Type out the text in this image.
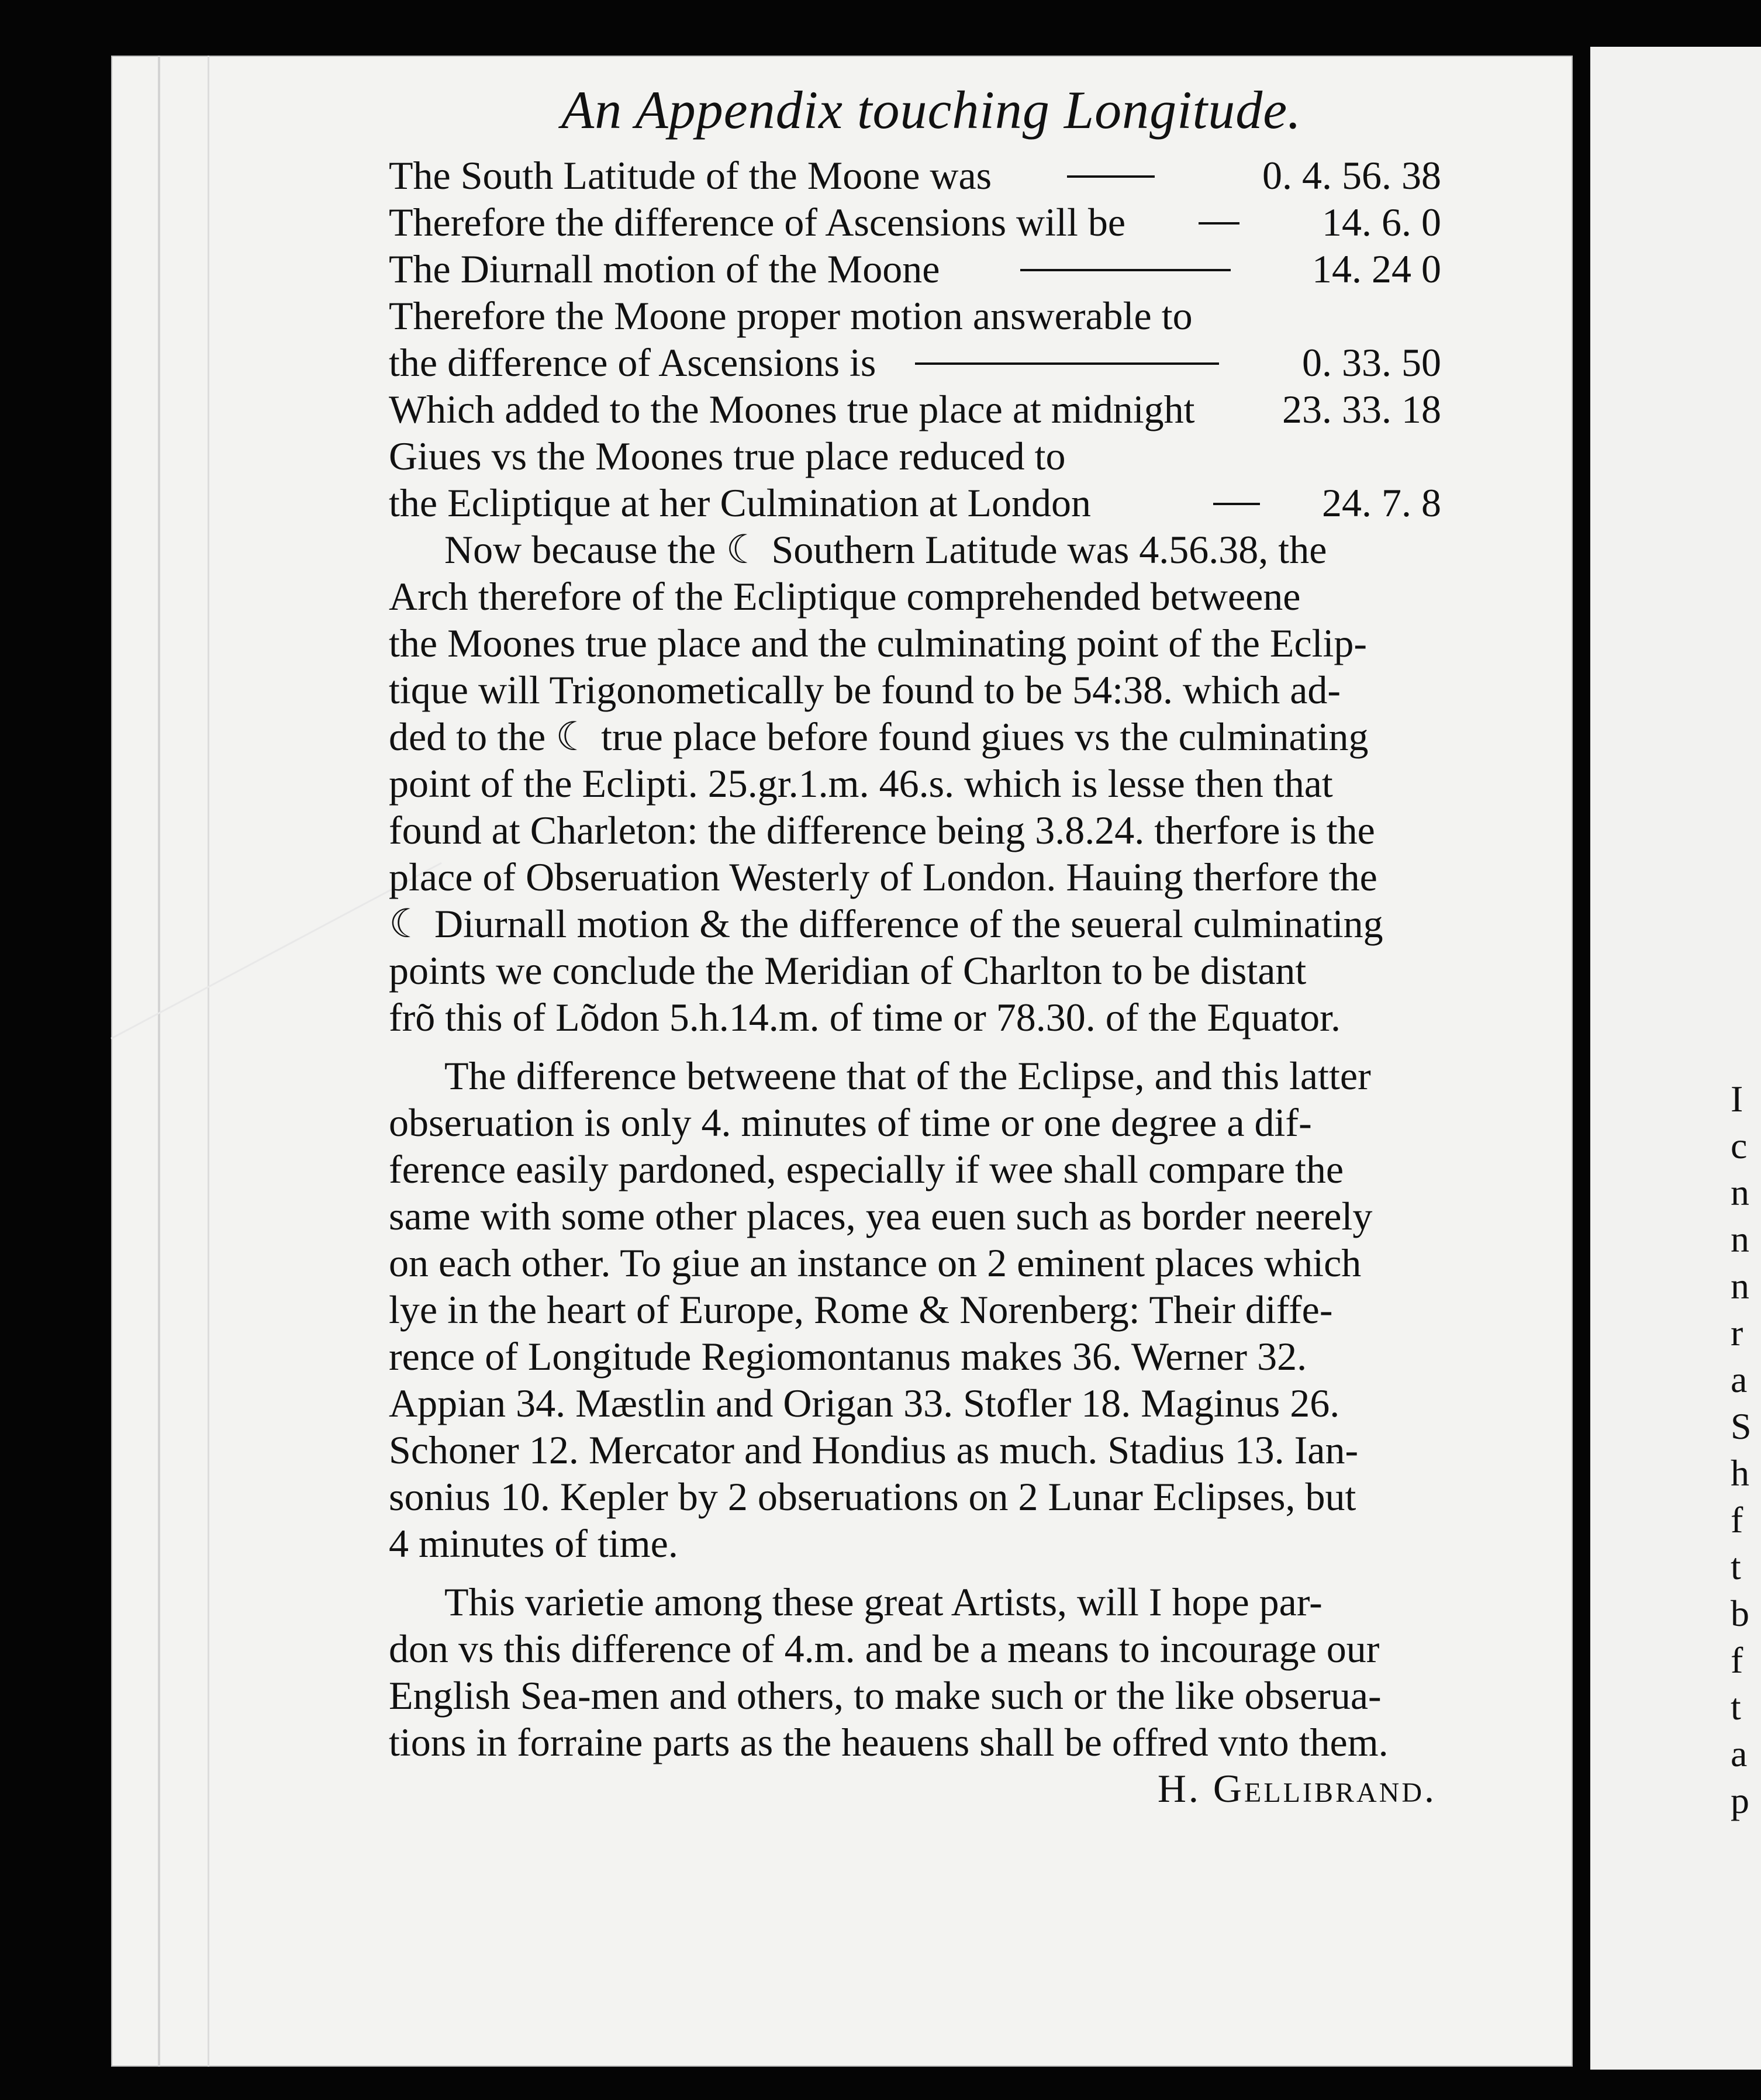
I
c
n
n
n
r
a
S
h
f
t
b
f
t
a
p
An Appendix touching Longitude.
The South Latitude of the Moone was	0. 4. 56. 38
Therefore the difference of Ascensions will be	14. 6. 0
The Diurnall motion of the Moone	14. 24 0
Therefore the Moone proper motion answerable to
the difference of Ascensions is	0. 33. 50
Which added to the Moones true place at midnight 23. 33. 18
Giues vs the Moones true place reduced to
the Ecliptique at her Culmination at London	24. 7. 8
Now because the ☾ Southern Latitude was 4.56.38, the
Arch therefore of the Ecliptique comprehended betweene
the Moones true place and the culminating point of the Eclip-
tique will Trigonometically be found to be 54:38. which ad-
ded to the ☾ true place before found giues vs the culminating
point of the Eclipti. 25.gr.1.m. 46.s. which is lesse then that
found at Charleton: the difference being 3.8.24. therfore is the
place of Obseruation Westerly of London. Hauing therfore the
☾ Diurnall motion & the difference of the seueral culminating
points we conclude the Meridian of Charlton to be distant
frõ this of Lõdon 5.h.14.m. of time or 78.30. of the Equator.
The difference betweene that of the Eclipse, and this latter
obseruation is only 4. minutes of time or one degree a dif-
ference easily pardoned, especially if wee shall compare the
same with some other places, yea euen such as border neerely
on each other. To giue an instance on 2 eminent places which
lye in the heart of Europe, Rome & Norenberg: Their diffe-
rence of Longitude Regiomontanus makes 36. Werner 32.
Appian 34. Mæstlin and Origan 33. Stofler 18. Maginus 26.
Schoner 12. Mercator and Hondius as much. Stadius 13. Ian-
sonius 10. Kepler by 2 obseruations on 2 Lunar Eclipses, but
4 minutes of time.
This varietie among these great Artists, will I hope par-
don vs this difference of 4.m. and be a means to incourage our
English Sea-men and others, to make such or the like obserua-
tions in forraine parts as the heauens shall be offred vnto them.
H. Gellibrand.
